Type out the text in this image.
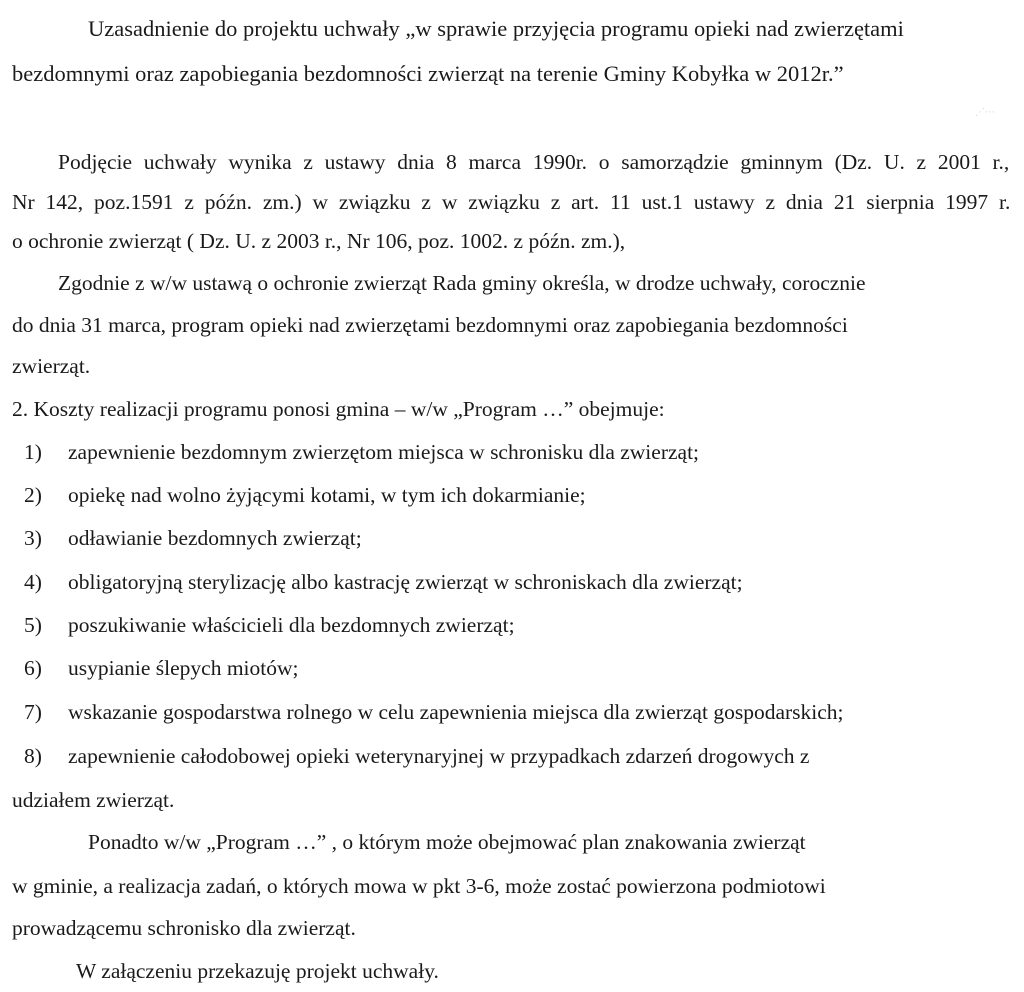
Uzasadnienie do projektu uchwały „w sprawie przyjęcia programu opieki nad zwierzętami
bezdomnymi oraz zapobiegania bezdomności zwierząt na terenie Gminy Kobyłka w 2012r.”
⋰⋯
Podjęcie uchwały wynika z ustawy dnia 8 marca 1990r. o samorządzie gminnym (Dz. U. z 2001 r.,
Nr 142, poz.1591 z późn. zm.) w związku z w związku z art. 11 ust.1 ustawy z dnia 21 sierpnia 1997 r.
o ochronie zwierząt ( Dz. U. z 2003 r., Nr 106, poz. 1002. z późn. zm.),
Zgodnie z w/w ustawą o ochronie zwierząt Rada gminy określa, w drodze uchwały, corocznie
do dnia 31 marca, program opieki nad zwierzętami bezdomnymi oraz zapobiegania bezdomności
zwierząt.
2. Koszty realizacji programu ponosi gmina – w/w „Program …” obejmuje:
1) zapewnienie bezdomnym zwierzętom miejsca w schronisku dla zwierząt;
2) opiekę nad wolno żyjącymi kotami, w tym ich dokarmianie;
3) odławianie bezdomnych zwierząt;
4) obligatoryjną sterylizację albo kastrację zwierząt w schroniskach dla zwierząt;
5) poszukiwanie właścicieli dla bezdomnych zwierząt;
6) usypianie ślepych miotów;
7) wskazanie gospodarstwa rolnego w celu zapewnienia miejsca dla zwierząt gospodarskich;
8) zapewnienie całodobowej opieki weterynaryjnej w przypadkach zdarzeń drogowych z
udziałem zwierząt.
Ponadto w/w „Program …” , o którym może obejmować plan znakowania zwierząt
w gminie, a realizacja zadań, o których mowa w pkt 3-6, może zostać powierzona podmiotowi
prowadzącemu schronisko dla zwierząt.
W załączeniu przekazuję projekt uchwały.
